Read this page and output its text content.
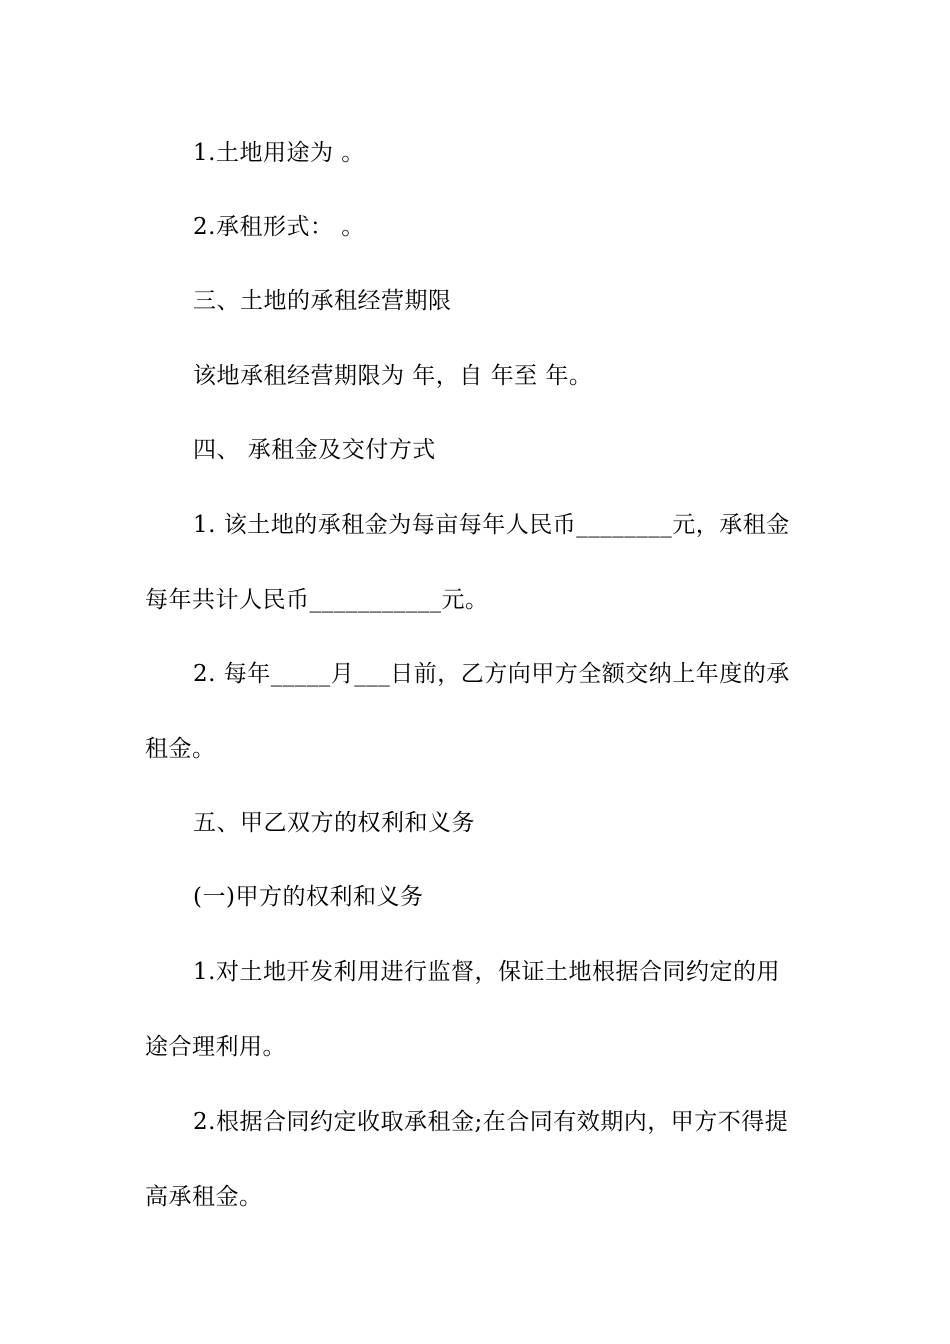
1.土地用途为 。
2.承租形式： 。
三、土地的承租经营期限
该地承租经营期限为 年，自 年至 年。
四、 承租金及交付方式
1. 该土地的承租金为每亩每年人民币________元，承租金
每年共计人民币___________元。
2. 每年_____月___日前，乙方向甲方全额交纳上年度的承
租金。
五、甲乙双方的权利和义务
(一)甲方的权利和义务
1.对土地开发利用进行监督，保证土地根据合同约定的用
途合理利用。
2.根据合同约定收取承租金;在合同有效期内，甲方不得提
高承租金。
